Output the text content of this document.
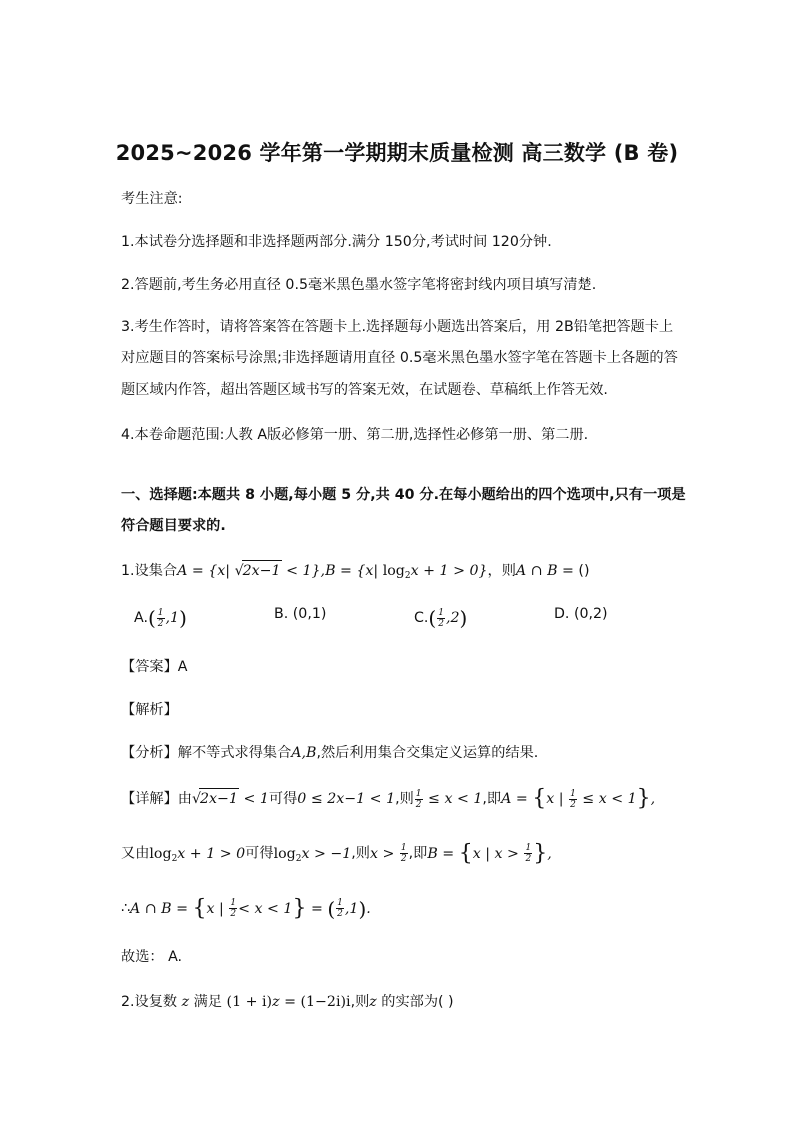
2025~2026 学年第一学期期末质量检测 高三数学 (B 卷)
考生注意:
1.本试卷分选择题和非选择题两部分.满分 150分,考试时间 120分钟.
2.答题前,考生务必用直径 0.5毫米黑色墨水签字笔将密封线内项目填写清楚.
3.考生作答时，请将答案答在答题卡上.选择题每小题选出答案后，用 2B铅笔把答题卡上
对应题目的答案标号涂黑;非选择题请用直径 0.5毫米黑色墨水签字笔在答题卡上各题的答
题区域内作答，超出答题区域书写的答案无效，在试题卷、草稿纸上作答无效.
4.本卷命题范围:人教 A版必修第一册、第二册,选择性必修第一册、第二册.
一、选择题:本题共 8 小题,每小题 5 分,共 40 分.在每小题给出的四个选项中,只有一项是
符合题目要求的.
1.设集合A = {x| √2x−1 < 1},B = {x| $\log_2x + 1 > 0$}，则A ∩ B = ()
$A.( \frac{1}{2} ,1)$	B. (0,1)	$C.( \frac{1}{2} ,2)$	D. (0,2)
【答案】A
【解析】
【分析】解不等式求得集合A,B,然后利用集合交集定义运算的结果.
【详解】由√2x−1 < 1可得0 ≤ 2x−1 < 1,则 $\frac{1}{2} \le x < 1$,即A = {x | $\frac{1}{2} \le x < 1$},
又由$\log_2x + 1 > 0$可得$\log_2x > -1$,则$x > \frac{1}{2}$ ,即B = {x | $x > \frac{1}{2}$ },
∴A ∩ B = {x | $\frac{1}{2} < x < 1$} = ( $\frac{1}{2} ,1$).
故选： A.
2.设复数 z 满足 (1 + i)z = (1−2i)i,则z 的实部为( )
